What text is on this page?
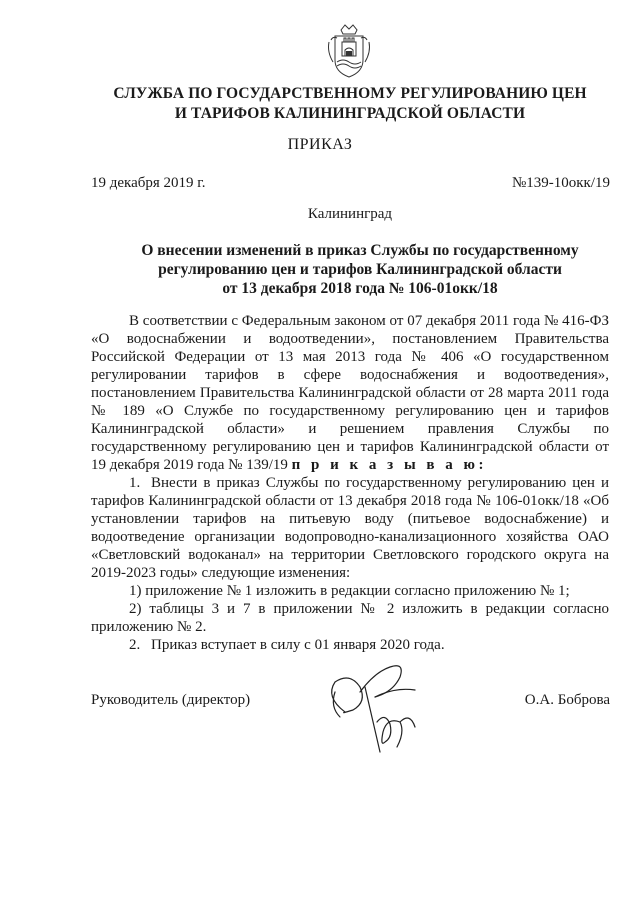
СЛУЖБА ПО ГОСУДАРСТВЕННОМУ РЕГУЛИРОВАНИЮ ЦЕН
И ТАРИФОВ КАЛИНИНГРАДСКОЙ ОБЛАСТИ
ПРИКАЗ
19 декабря 2019 г.	№139-10окк/19
Калининград
О внесении изменений в приказ Службы по государственному
регулированию цен и тарифов Калининградской области
от 13 декабря 2018 года № 106-01окк/18

В соответствии с Федеральным законом от 07 декабря 2011 года № 416-ФЗ «О водоснабжении и водоотведении», постановлением Правительства Российской Федерации от 13 мая 2013 года № 406 «О государственном регулировании тарифов в сфере водоснабжения и водоотведения», постановлением Правительства Калининградской области от 28 марта 2011 года № 189 «О Службе по государственному регулированию цен и тарифов Калининградской области» и решением правления Службы по государственному регулированию цен и тарифов Калининградской области от 19 декабря 2019 года № 139/19 п р и к а з ы в а ю:

1. Внести в приказ Службы по государственному регулированию цен и тарифов Калининградской области от 13 декабря 2018 года № 106-01окк/18 «Об установлении тарифов на питьевую воду (питьевое водоснабжение) и водоотведение организации водопроводно-канализационного хозяйства ОАО «Светловский водоканал» на территории Светловского городского округа на 2019-2023 годы» следующие изменения:

1) приложение № 1 изложить в редакции согласно приложению № 1;

2) таблицы 3 и 7 в приложении № 2 изложить в редакции согласно приложению № 2.

2. Приказ вступает в силу с 01 января 2020 года.

Руководитель (директор)	О.А. Боброва
